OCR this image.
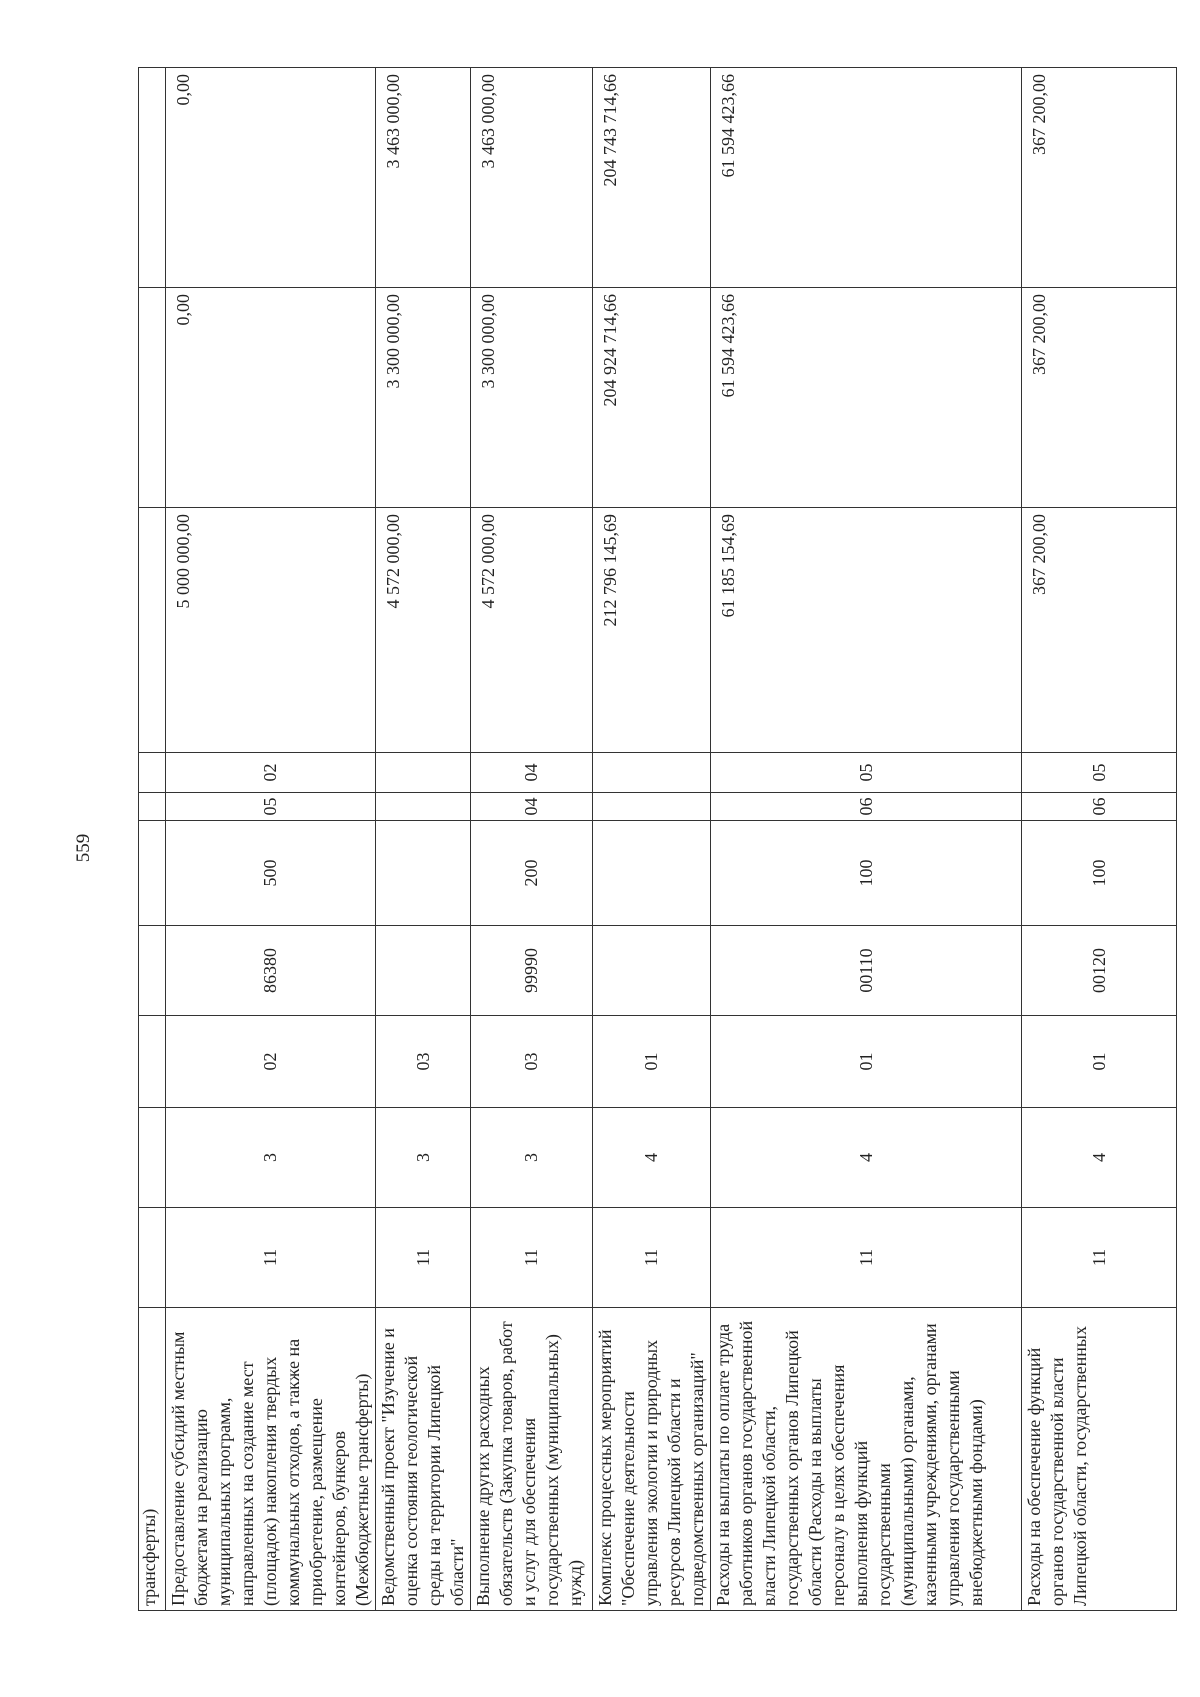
559
трансферты)										
Предоставление субсидий местным бюджетам на реализацию муниципальных программ, направленных на создание мест (площадок) накопления твердых коммунальных отходов, а также на приобретение, размещение контейнеров, бункеров (Межбюджетные трансферты)	11	3	02	86380	500	05	02	5 000 000,00	0,00	0,00
Ведомственный проект "Изучение и оценка состояния геологической среды на территории Липецкой области"	11	3	03					4 572 000,00	3 300 000,00	3 463 000,00
Выполнение других расходных обязательств (Закупка товаров, работ и услуг для обеспечения государственных (муниципальных) нужд)	11	3	03	99990	200	04	04	4 572 000,00	3 300 000,00	3 463 000,00
Комплекс процессных мероприятий "Обеспечение деятельности управления экологии и природных ресурсов Липецкой области и подведомственных организаций"	11	4	01					212 796 145,69	204 924 714,66	204 743 714,66
Расходы на выплаты по оплате труда работников органов государственной власти Липецкой области, государственных органов Липецкой области (Расходы на выплаты персоналу в целях обеспечения выполнения функций государственными (муниципальными) органами, казенными учреждениями, органами управления государственными внебюджетными фондами)	11	4	01	00110	100	06	05	61 185 154,69	61 594 423,66	61 594 423,66
Расходы на обеспечение функций органов государственной власти Липецкой области, государственных	11	4	01	00120	100	06	05	367 200,00	367 200,00	367 200,00
